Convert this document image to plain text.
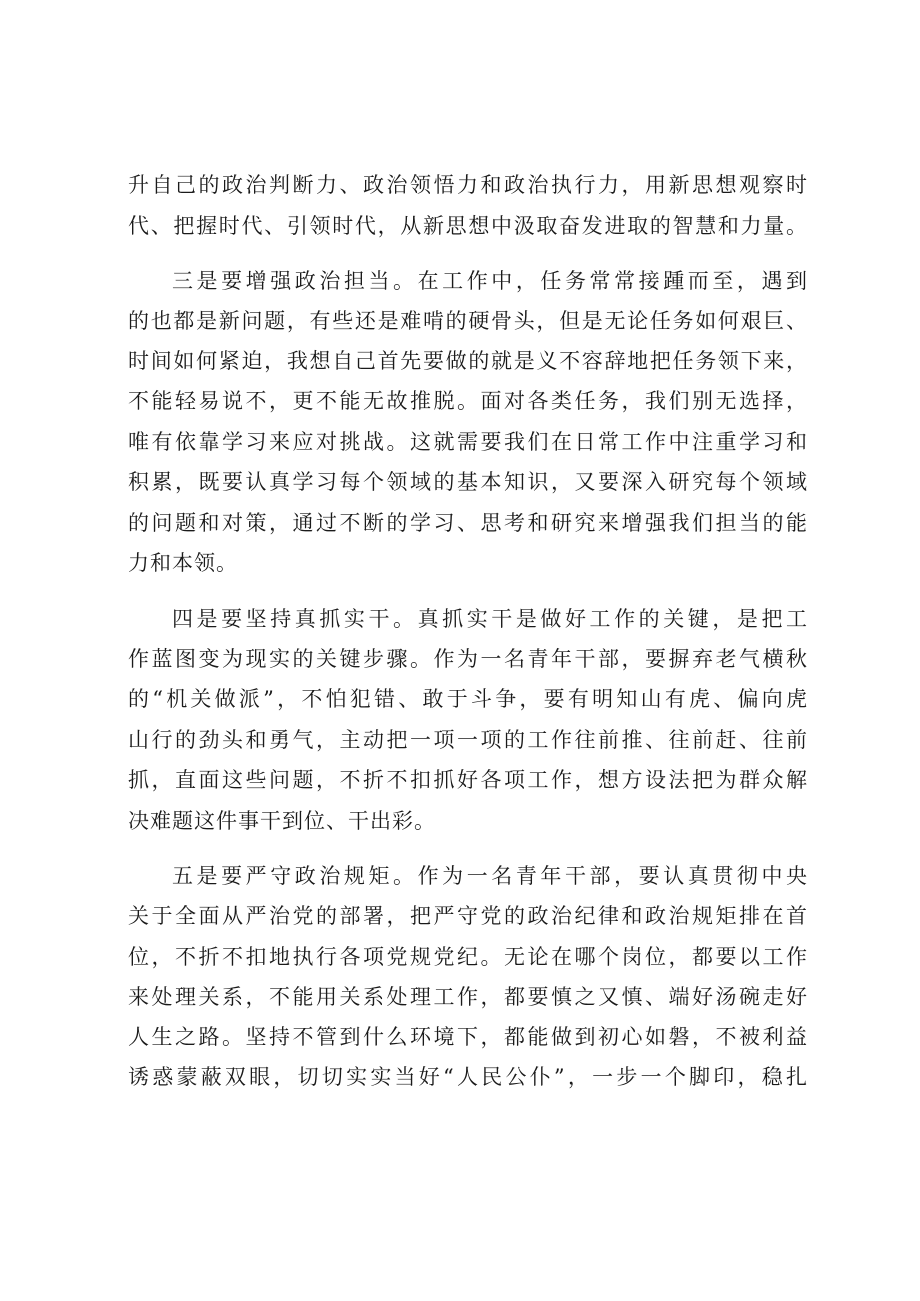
升自己的政治判断力、政治领悟力和政治执行力，用新思想观察时
代、把握时代、引领时代，从新思想中汲取奋发进取的智慧和力量。
三是要增强政治担当。在工作中，任务常常接踵而至，遇到
的也都是新问题，有些还是难啃的硬骨头，但是无论任务如何艰巨、
时间如何紧迫，我想自己首先要做的就是义不容辞地把任务领下来，
不能轻易说不，更不能无故推脱。面对各类任务，我们别无选择，
唯有依靠学习来应对挑战。这就需要我们在日常工作中注重学习和
积累，既要认真学习每个领域的基本知识，又要深入研究每个领域
的问题和对策，通过不断的学习、思考和研究来增强我们担当的能
力和本领。
四是要坚持真抓实干。真抓实干是做好工作的关键，是把工
作蓝图变为现实的关键步骤。作为一名青年干部，要摒弃老气横秋
的“机关做派”，不怕犯错、敢于斗争，要有明知山有虎、偏向虎
山行的劲头和勇气，主动把一项一项的工作往前推、往前赶、往前
抓，直面这些问题，不折不扣抓好各项工作，想方设法把为群众解
决难题这件事干到位、干出彩。
五是要严守政治规矩。作为一名青年干部，要认真贯彻中央
关于全面从严治党的部署，把严守党的政治纪律和政治规矩排在首
位，不折不扣地执行各项党规党纪。无论在哪个岗位，都要以工作
来处理关系，不能用关系处理工作，都要慎之又慎、端好汤碗走好
人生之路。坚持不管到什么环境下，都能做到初心如磐，不被利益
诱惑蒙蔽双眼，切切实实当好“人民公仆”，一步一个脚印，稳扎
